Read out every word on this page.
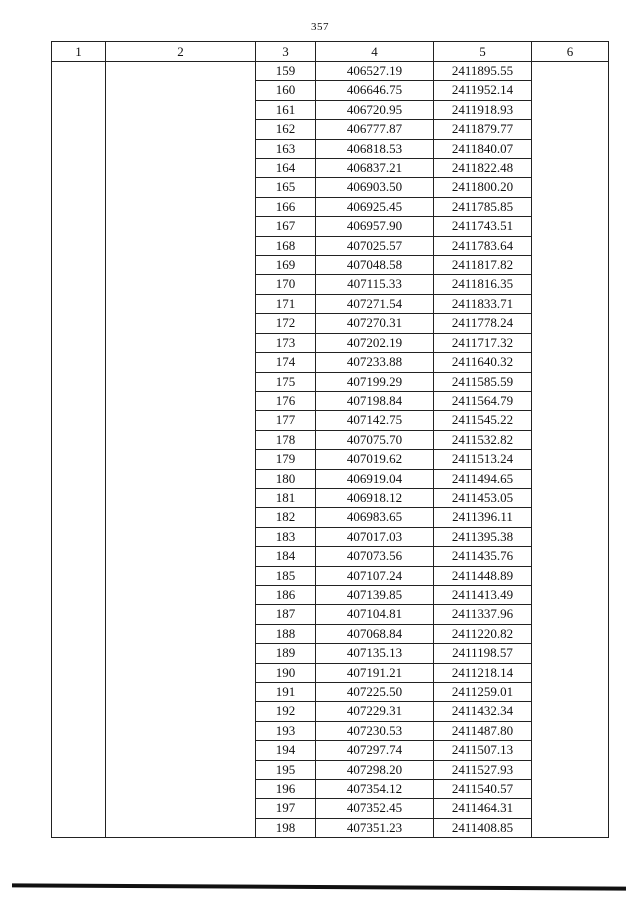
357
1	2	3	4	5	6
		159	406527.19	2411895.55	
		160	406646.75	2411952.14	
		161	406720.95	2411918.93	
		162	406777.87	2411879.77	
		163	406818.53	2411840.07	
		164	406837.21	2411822.48	
		165	406903.50	2411800.20	
		166	406925.45	2411785.85	
		167	406957.90	2411743.51	
		168	407025.57	2411783.64	
		169	407048.58	2411817.82	
		170	407115.33	2411816.35	
		171	407271.54	2411833.71	
		172	407270.31	2411778.24	
		173	407202.19	2411717.32	
		174	407233.88	2411640.32	
		175	407199.29	2411585.59	
		176	407198.84	2411564.79	
		177	407142.75	2411545.22	
		178	407075.70	2411532.82	
		179	407019.62	2411513.24	
		180	406919.04	2411494.65	
		181	406918.12	2411453.05	
		182	406983.65	2411396.11	
		183	407017.03	2411395.38	
		184	407073.56	2411435.76	
		185	407107.24	2411448.89	
		186	407139.85	2411413.49	
		187	407104.81	2411337.96	
		188	407068.84	2411220.82	
		189	407135.13	2411198.57	
		190	407191.21	2411218.14	
		191	407225.50	2411259.01	
		192	407229.31	2411432.34	
		193	407230.53	2411487.80	
		194	407297.74	2411507.13	
		195	407298.20	2411527.93	
		196	407354.12	2411540.57	
		197	407352.45	2411464.31	
		198	407351.23	2411408.85	
